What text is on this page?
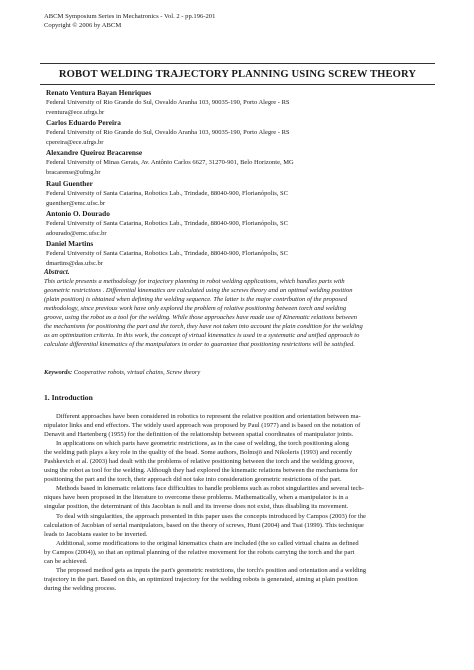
ABCM Symposium Series in Mechatronics - Vol. 2 - pp.196-201
Copyright © 2006 by ABCM
ROBOT WELDING TRAJECTORY PLANNING USING SCREW THEORY
Renato Ventura Bayan Henriques
Federal University of Rio Grande do Sul, Osvaldo Aranha 103, 90035-190, Porto Alegre - RS
rventura@ece.ufrgs.br
Carlos Eduardo Pereira
Federal University of Rio Grande do Sul, Osvaldo Aranha 103, 90035-190, Porto Alegre - RS
cpereira@ece.ufrgs.br
Alexandre Queiroz Bracarense
Federal University of Minas Gerais, Av. Antônio Carlos 6627, 31270-901, Belo Horizonte, MG
bracarense@ufmg.br
Raul Guenther
Federal University of Santa Catarina, Robotics Lab., Trindade, 88040-900, Florianópolis, SC
guenther@emc.ufsc.br
Antonio O. Dourado
Federal University of Santa Catarina, Robotics Lab., Trindade, 88040-900, Florianópolis, SC
adourado@emc.ufsc.br
Daniel Martins
Federal University of Santa Catarina, Robotics Lab., Trindade, 88040-900, Florianópolis, SC
dmartins@das.ufsc.br
Abstract.
This article presents a methodology for trajectory planning in robot welding applications, which handles parts with
geometric restrictions . Differential kinematics are calculated using the screws theory and an optimal welding position
(plain position) is obtained when defining the welding sequence. The latter is the major contribution of the proposed
methodology, since previous work have only explored the problem of relative positioning between torch and welding
groove, using the robot as a tool for the welding. While those approaches have made use of Kinematic relations between
the mechanisms for positioning the part and the torch, they have not taken into account the plain condition for the welding
as an optimization criteria. In this work, the concept of virtual kinematics is used in a systematic and unified approach to
calculate differential kinematics of the manipulators in order to guarantee that positioning restrictions will be satisfied.
Keywords: Cooperative robots, virtual chains, Screw theory
1. Introduction
Different approaches have been considered in robotics to represent the relative position and orientation between ma-
nipulator links and end effectors. The widely used approach was proposed by Paul (1977) and is based on the notation of
Denavit and Hartenberg (1955) for the definition of the relationship between spatial coordinates of manipulator joints.
In applications on which parts have geometric restrictions, as in the case of welding, the torch positioning along
the welding path plays a key role in the quality of the bead. Some authors, Bolmsjö and Nikoleris (1993) and recently
Pashkevich et al. (2003) had dealt with the problems of relative positioning between the torch and the welding groove,
using the robot as tool for the welding. Although they had explored the kinematic relations between the mechanisms for
positioning the part and the torch, their approach did not take into consideration geometric restrictions of the part.
Methods based in kinematic relations face difficulties to handle problems such as robot singularities and several tech-
niques have been proposed in the literature to overcome these problems. Mathematically, when a manipulator is in a
singular position, the determinant of this Jacobian is null and its inverse does not exist, thus disabling its movement.
To deal with singularities, the approach presented in this paper uses the concepts introduced by Campos (2003) for the
calculation of Jacobian of serial manipulators, based on the theory of screws, Hunt (2004) and Tsai (1999). This technique
leads to Jacobians easier to be inverted.
Additional, some modifications to the original kinematics chain are included (the so called virtual chains as defined
by Campos (2004)), so that an optimal planning of the relative movement for the robots carrying the torch and the part
can be achieved.
The proposed method gets as inputs the part's geometric restrictions, the torch's position and orientation and a welding
trajectory in the part. Based on this, an optimized trajectory for the welding robots is generated, aiming at plain position
during the welding process.
